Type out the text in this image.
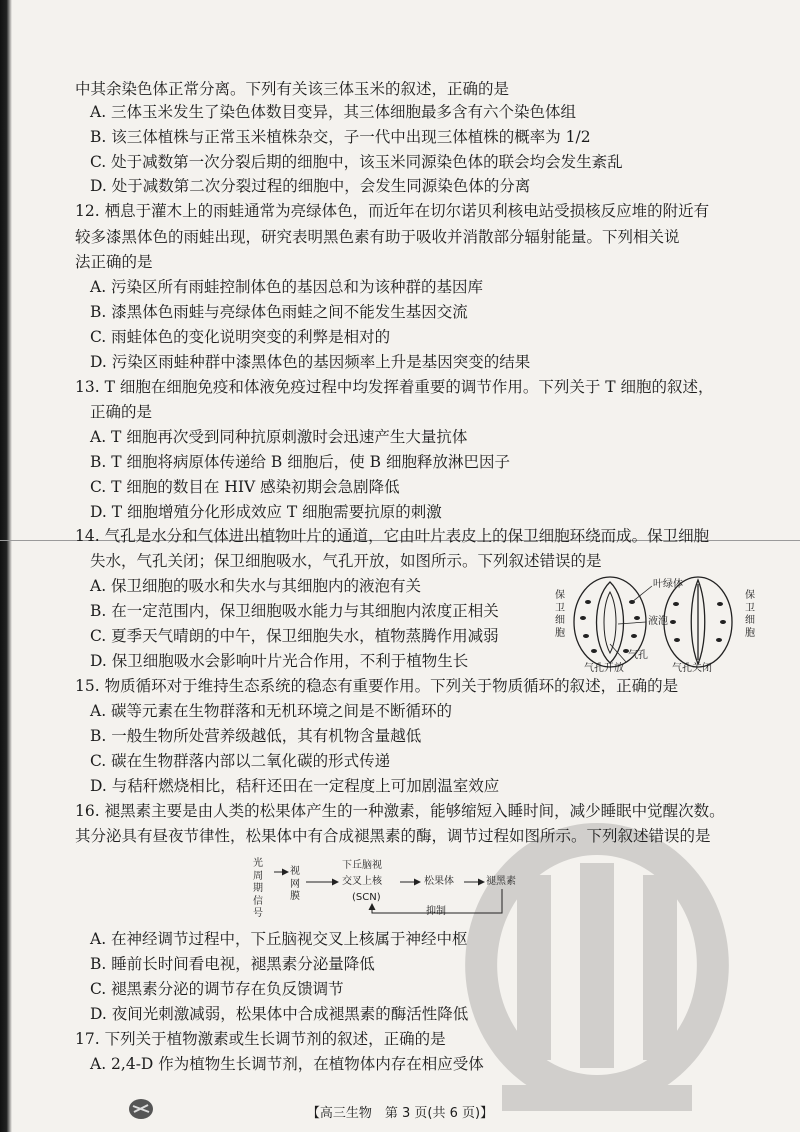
中其余染色体正常分离。下列有关该三体玉米的叙述，正确的是
A. 三体玉米发生了染色体数目变异，其三体细胞最多含有六个染色体组
B. 该三体植株与正常玉米植株杂交，子一代中出现三体植株的概率为 1/2
C. 处于减数第一次分裂后期的细胞中，该玉米同源染色体的联会均会发生紊乱
D. 处于减数第二次分裂过程的细胞中，会发生同源染色体的分离
12. 栖息于灌木上的雨蛙通常为亮绿体色，而近年在切尔诺贝利核电站受损核反应堆的附近有
较多漆黑体色的雨蛙出现，研究表明黑色素有助于吸收并消散部分辐射能量。下列相关说
法正确的是
A. 污染区所有雨蛙控制体色的基因总和为该种群的基因库
B. 漆黑体色雨蛙与亮绿体色雨蛙之间不能发生基因交流
C. 雨蛙体色的变化说明突变的利弊是相对的
D. 污染区雨蛙种群中漆黑体色的基因频率上升是基因突变的结果
13. T 细胞在细胞免疫和体液免疫过程中均发挥着重要的调节作用。下列关于 T 细胞的叙述，
正确的是
A. T 细胞再次受到同种抗原刺激时会迅速产生大量抗体
B. T 细胞将病原体传递给 B 细胞后，使 B 细胞释放淋巴因子
C. T 细胞的数目在 HIV 感染初期会急剧降低
D. T 细胞增殖分化形成效应 T 细胞需要抗原的刺激
14. 气孔是水分和气体进出植物叶片的通道，它由叶片表皮上的保卫细胞环绕而成。保卫细胞
失水，气孔关闭；保卫细胞吸水，气孔开放，如图所示。下列叙述错误的是
A. 保卫细胞的吸水和失水与其细胞内的液泡有关
B. 在一定范围内，保卫细胞吸水能力与其细胞内浓度正相关
C. 夏季天气晴朗的中午，保卫细胞失水，植物蒸腾作用减弱
D. 保卫细胞吸水会影响叶片光合作用，不利于植物生长
15. 物质循环对于维持生态系统的稳态有重要作用。下列关于物质循环的叙述，正确的是
A. 碳等元素在生物群落和无机环境之间是不断循环的
B. 一般生物所处营养级越低，其有机物含量越低
C. 碳在生物群落内部以二氧化碳的形式传递
D. 与秸秆燃烧相比，秸秆还田在一定程度上可加剧温室效应
16. 褪黑素主要是由人类的松果体产生的一种激素，能够缩短入睡时间，减少睡眠中觉醒次数。
其分泌具有昼夜节律性，松果体中有合成褪黑素的酶，调节过程如图所示。下列叙述错误的是
A. 在神经调节过程中，下丘脑视交叉上核属于神经中枢
B. 睡前长时间看电视，褪黑素分泌量降低
C. 褪黑素分泌的调节存在负反馈调节
D. 夜间光刺激减弱，松果体中合成褪黑素的酶活性降低
17. 下列关于植物激素或生长调节剂的叙述，正确的是
A. 2,4-D 作为植物生长调节剂，在植物体内存在相应受体
保卫细胞
保卫细胞
叶绿体
液泡
气孔
气孔开放	气孔关闭
光周期信号
视网膜
下丘脑视
交叉上核
(SCN)
松果体	褪黑素
抑制
【高三生物　第 3 页(共 6 页)】
